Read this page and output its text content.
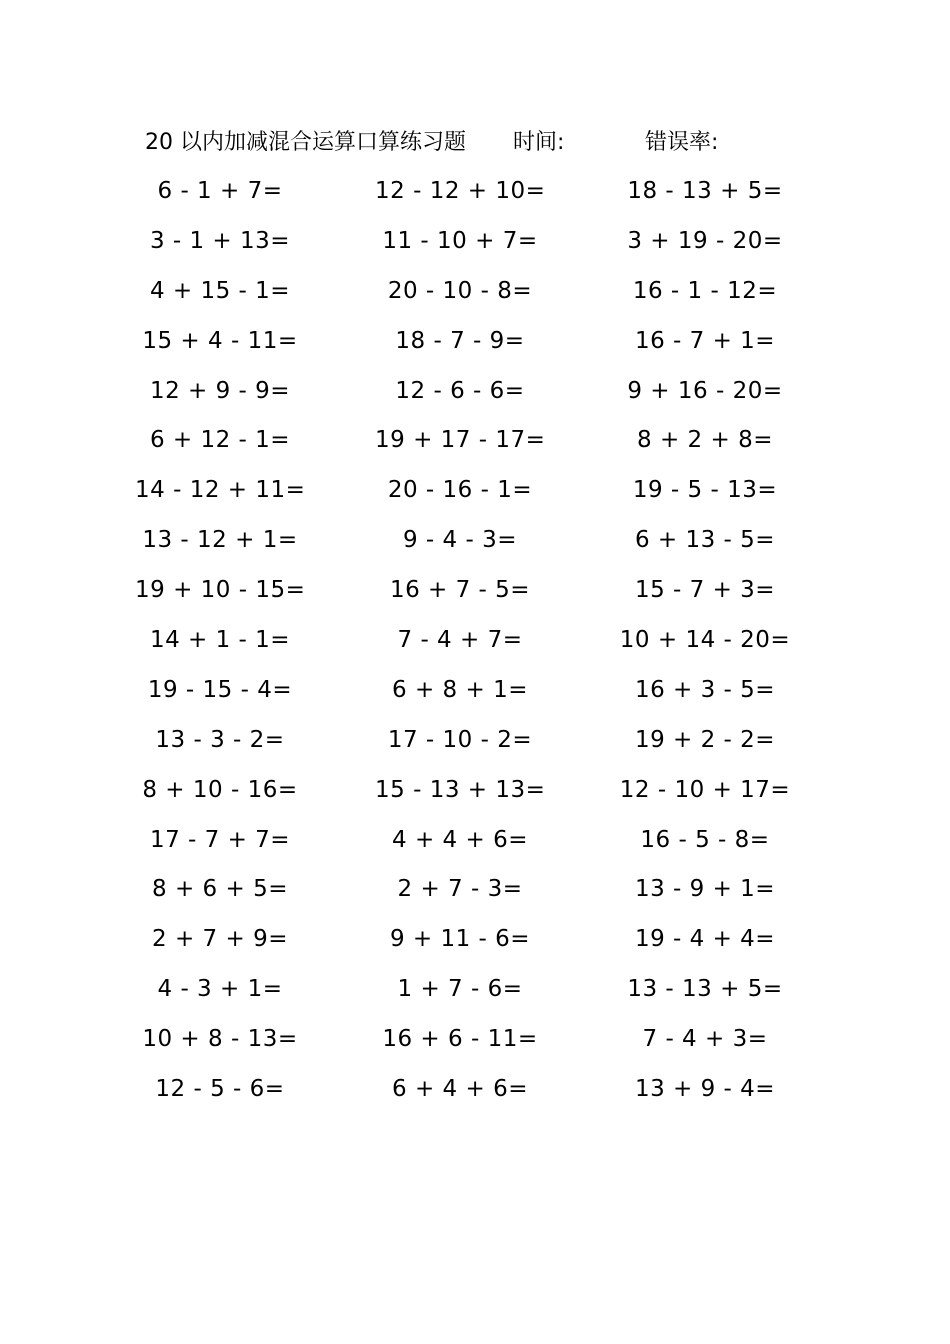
20 以内加减混合运算口算练习题 时间:	错误率:
6 - 1 + 7=
3 - 1 + 13=
4 + 15 - 1=
15 + 4 - 11=
12 + 9 - 9=
6 + 12 - 1=
14 - 12 + 11=
13 - 12 + 1=
19 + 10 - 15=
14 + 1 - 1=
19 - 15 - 4=
13 - 3 - 2=
8 + 10 - 16=
17 - 7 + 7=
8 + 6 + 5=
2 + 7 + 9=
4 - 3 + 1=
10 + 8 - 13=
12 - 5 - 6=
12 - 12 + 10=
11 - 10 + 7=
20 - 10 - 8=
18 - 7 - 9=
12 - 6 - 6=
19 + 17 - 17=
20 - 16 - 1=
9 - 4 - 3=
16 + 7 - 5=
7 - 4 + 7=
6 + 8 + 1=
17 - 10 - 2=
15 - 13 + 13=
4 + 4 + 6=
2 + 7 - 3=
9 + 11 - 6=
1 + 7 - 6=
16 + 6 - 11=
6 + 4 + 6=
18 - 13 + 5=
3 + 19 - 20=
16 - 1 - 12=
16 - 7 + 1=
9 + 16 - 20=
8 + 2 + 8=
19 - 5 - 13=
6 + 13 - 5=
15 - 7 + 3=
10 + 14 - 20=
16 + 3 - 5=
19 + 2 - 2=
12 - 10 + 17=
16 - 5 - 8=
13 - 9 + 1=
19 - 4 + 4=
13 - 13 + 5=
7 - 4 + 3=
13 + 9 - 4=
